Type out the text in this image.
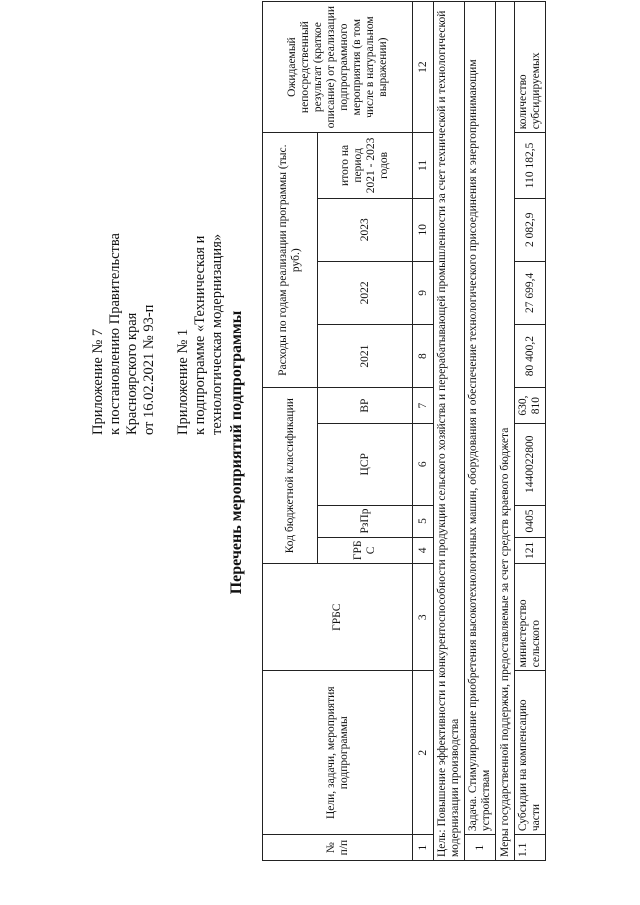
Приложение № 7 к постановлению Правительства Красноярского края от 16.02.2021 № 93-п Приложение № 1 к подпрограмме «Техническая и технологическая модернизация» Перечень мероприятий подпрограммы
№ п/п	Цели, задачи, мероприятия подпрограммы	ГРБС	Код бюджетной классификации				Расходы по годам реализации программы (тыс. руб.)				Ожидаемый непосредственный результат (краткое описание) от реализации подпрограммного мероприятия (в том числе в натуральном выражении)
			ГРБ С	РзПр	ЦСР	ВР	2021	2022	2023	итого на период 2021 - 2023 годов	
1	2	3	4	5	6	7	8	9	10	11	12
Цель: Повышение эффективности и конкурентоспособности продукции сельского хозяйства и перерабатывающей промышленности за счет технической и технологической модернизации производства											
1	Задача. Стимулирование приобретения высокотехнологичных машин, оборудования и обеспечение технологического присоединения к энергопринимающим устройствам										
Меры государственной поддержки, предоставляемые за счет средств краевого бюджета											
1.1	Субсидии на компенсацию части	министерство сельского	121	0405	1440022800	630, 810	80 400,2	27 699,4	2 082,9	110 182,5	количество субсидируемых
